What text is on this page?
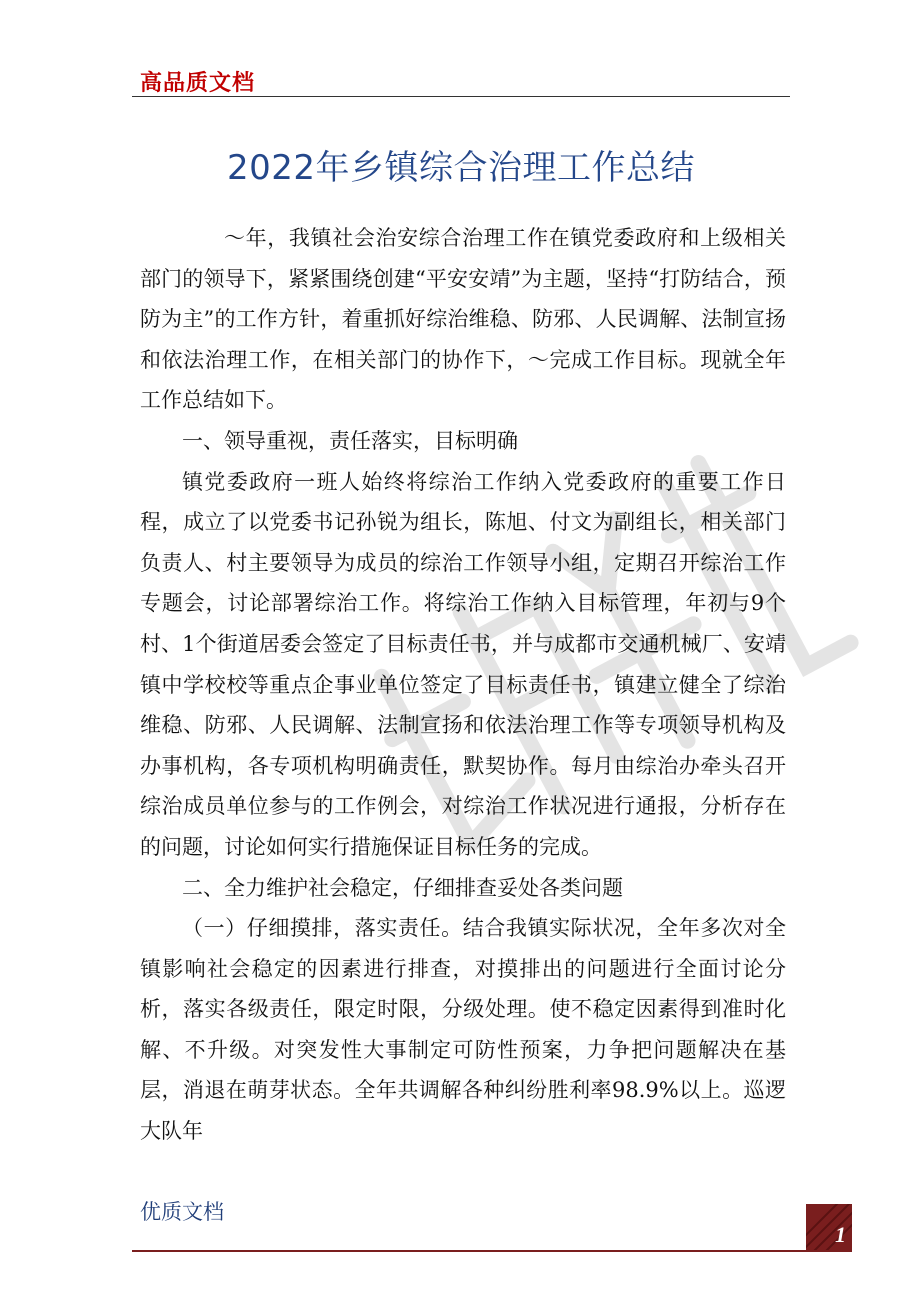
高品质文档
2022年乡镇综合治理工作总结

～年，我镇社会治安综合治理工作在镇党委政府和上级相关部门的领导下，紧紧围绕创建“平安安靖”为主题，坚持“打防结合，预防为主”的工作方针，着重抓好综治维稳、防邪、人民调解、法制宣扬和依法治理工作，在相关部门的协作下，～完成工作目标。现就全年工作总结如下。

一、领导重视，责任落实，目标明确

镇党委政府一班人始终将综治工作纳入党委政府的重要工作日程，成立了以党委书记孙锐为组长，陈旭、付文为副组长，相关部门负责人、村主要领导为成员的综治工作领导小组，定期召开综治工作专题会，讨论部署综治工作。将综治工作纳入目标管理，年初与9个村、1个街道居委会签定了目标责任书，并与成都市交通机械厂、安靖镇中学校校等重点企事业单位签定了目标责任书，镇建立健全了综治维稳、防邪、人民调解、法制宣扬和依法治理工作等专项领导机构及办事机构，各专项机构明确责任，默契协作。每月由综治办牵头召开综治成员单位参与的工作例会，对综治工作状况进行通报，分析存在的问题，讨论如何实行措施保证目标任务的完成。

二、全力维护社会稳定，仔细排查妥处各类问题

（一）仔细摸排，落实责任。结合我镇实际状况，全年多次对全镇影响社会稳定的因素进行排查，对摸排出的问题进行全面讨论分析，落实各级责任，限定时限，分级处理。使不稳定因素得到准时化解、不升级。对突发性大事制定可防性预案，力争把问题解决在基层，消退在萌芽状态。全年共调解各种纠纷胜利率98.9%以上。巡逻大队年

优质文档
1
